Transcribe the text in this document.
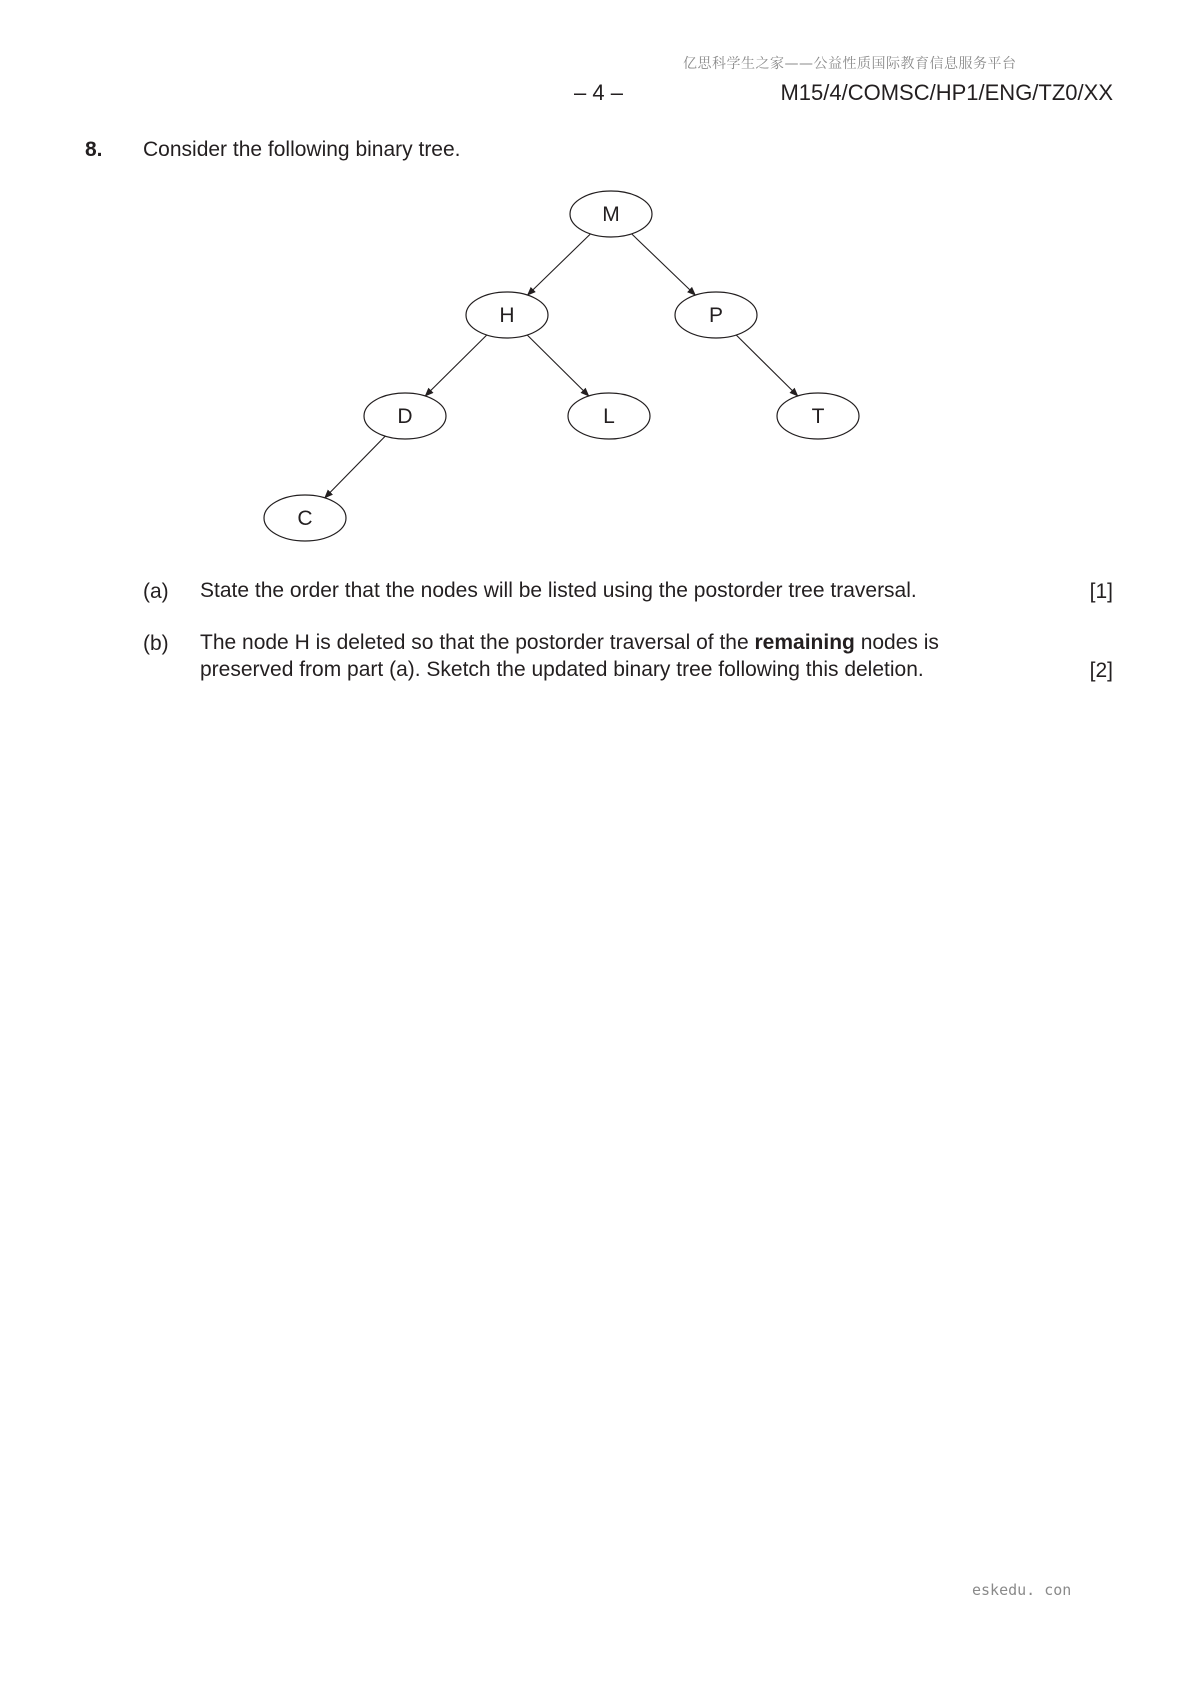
亿思科学生之家——公益性质国际教育信息服务平台
– 4 –	M15/4/COMSC/HP1/ENG/TZ0/XX
8. Consider the following binary tree.
M
H	P
D	L	T
C
(a) State the order that the nodes will be listed using the postorder tree traversal.	[1]
(b) The node H is deleted so that the postorder traversal of the remaining nodes is
preserved from part (a). Sketch the updated binary tree following this deletion.	[2]
eskedu. con
